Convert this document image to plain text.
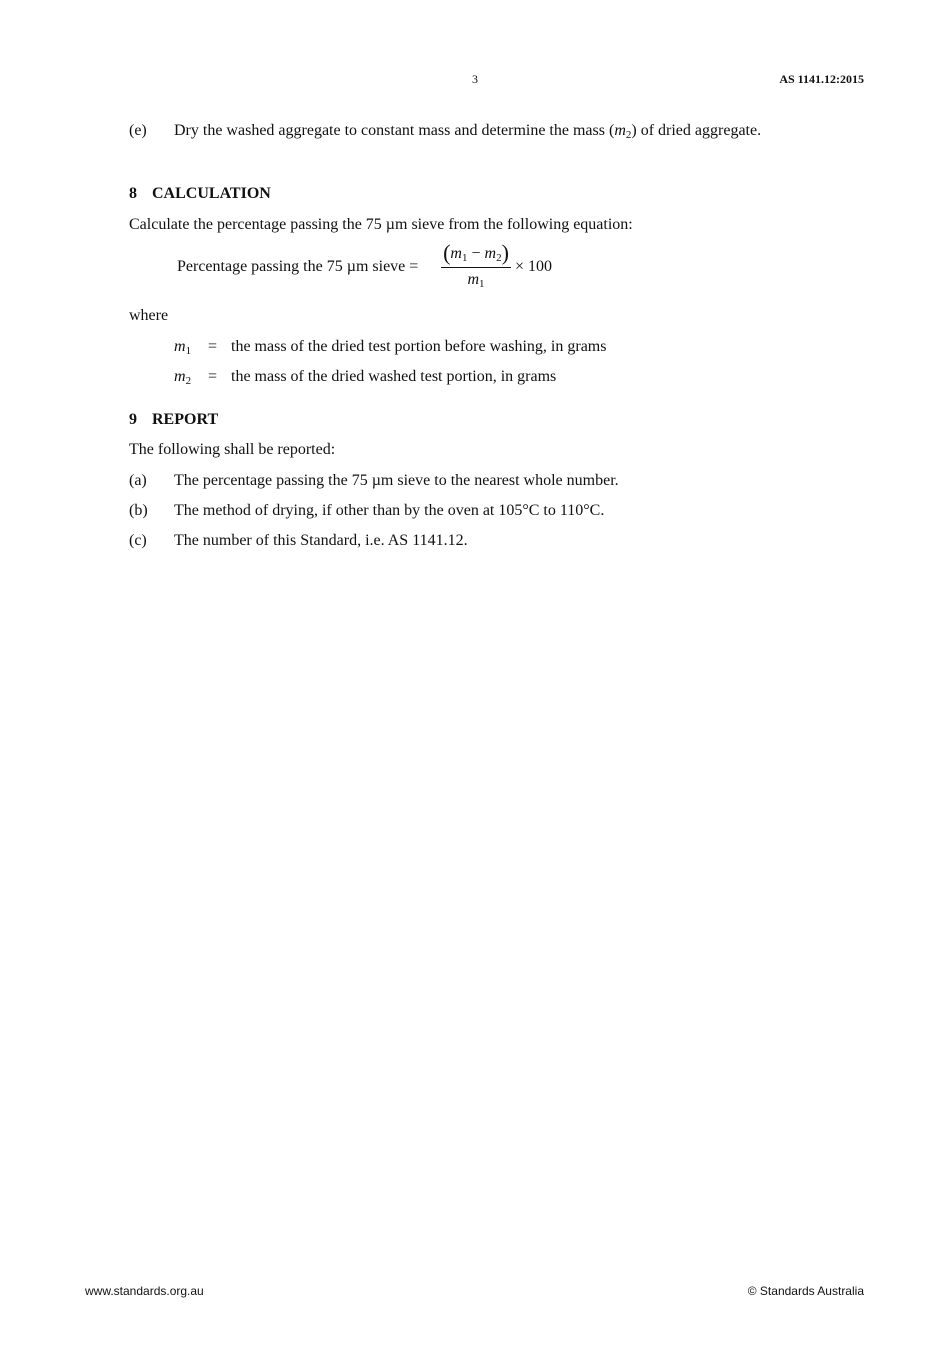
3	AS 1141.12:2015
(e) Dry the washed aggregate to constant mass and determine the mass $(m_2)$ of dried aggregate.
8 CALCULATION
Calculate the percentage passing the 75 µm sieve from the following equation:
Percentage passing the 75 µm sieve =
$(m_1 - m_2)$
$m_1$
× 100
where
$m_1$ = the mass of the dried test portion before washing, in grams
$m_2$ = the mass of the dried washed test portion, in grams
9 REPORT
The following shall be reported:
(a) The percentage passing the 75 µm sieve to the nearest whole number.
(b) The method of drying, if other than by the oven at 105°C to 110°C.
(c) The number of this Standard, i.e. AS 1141.12.
www.standards.org.au	© Standards Australia
